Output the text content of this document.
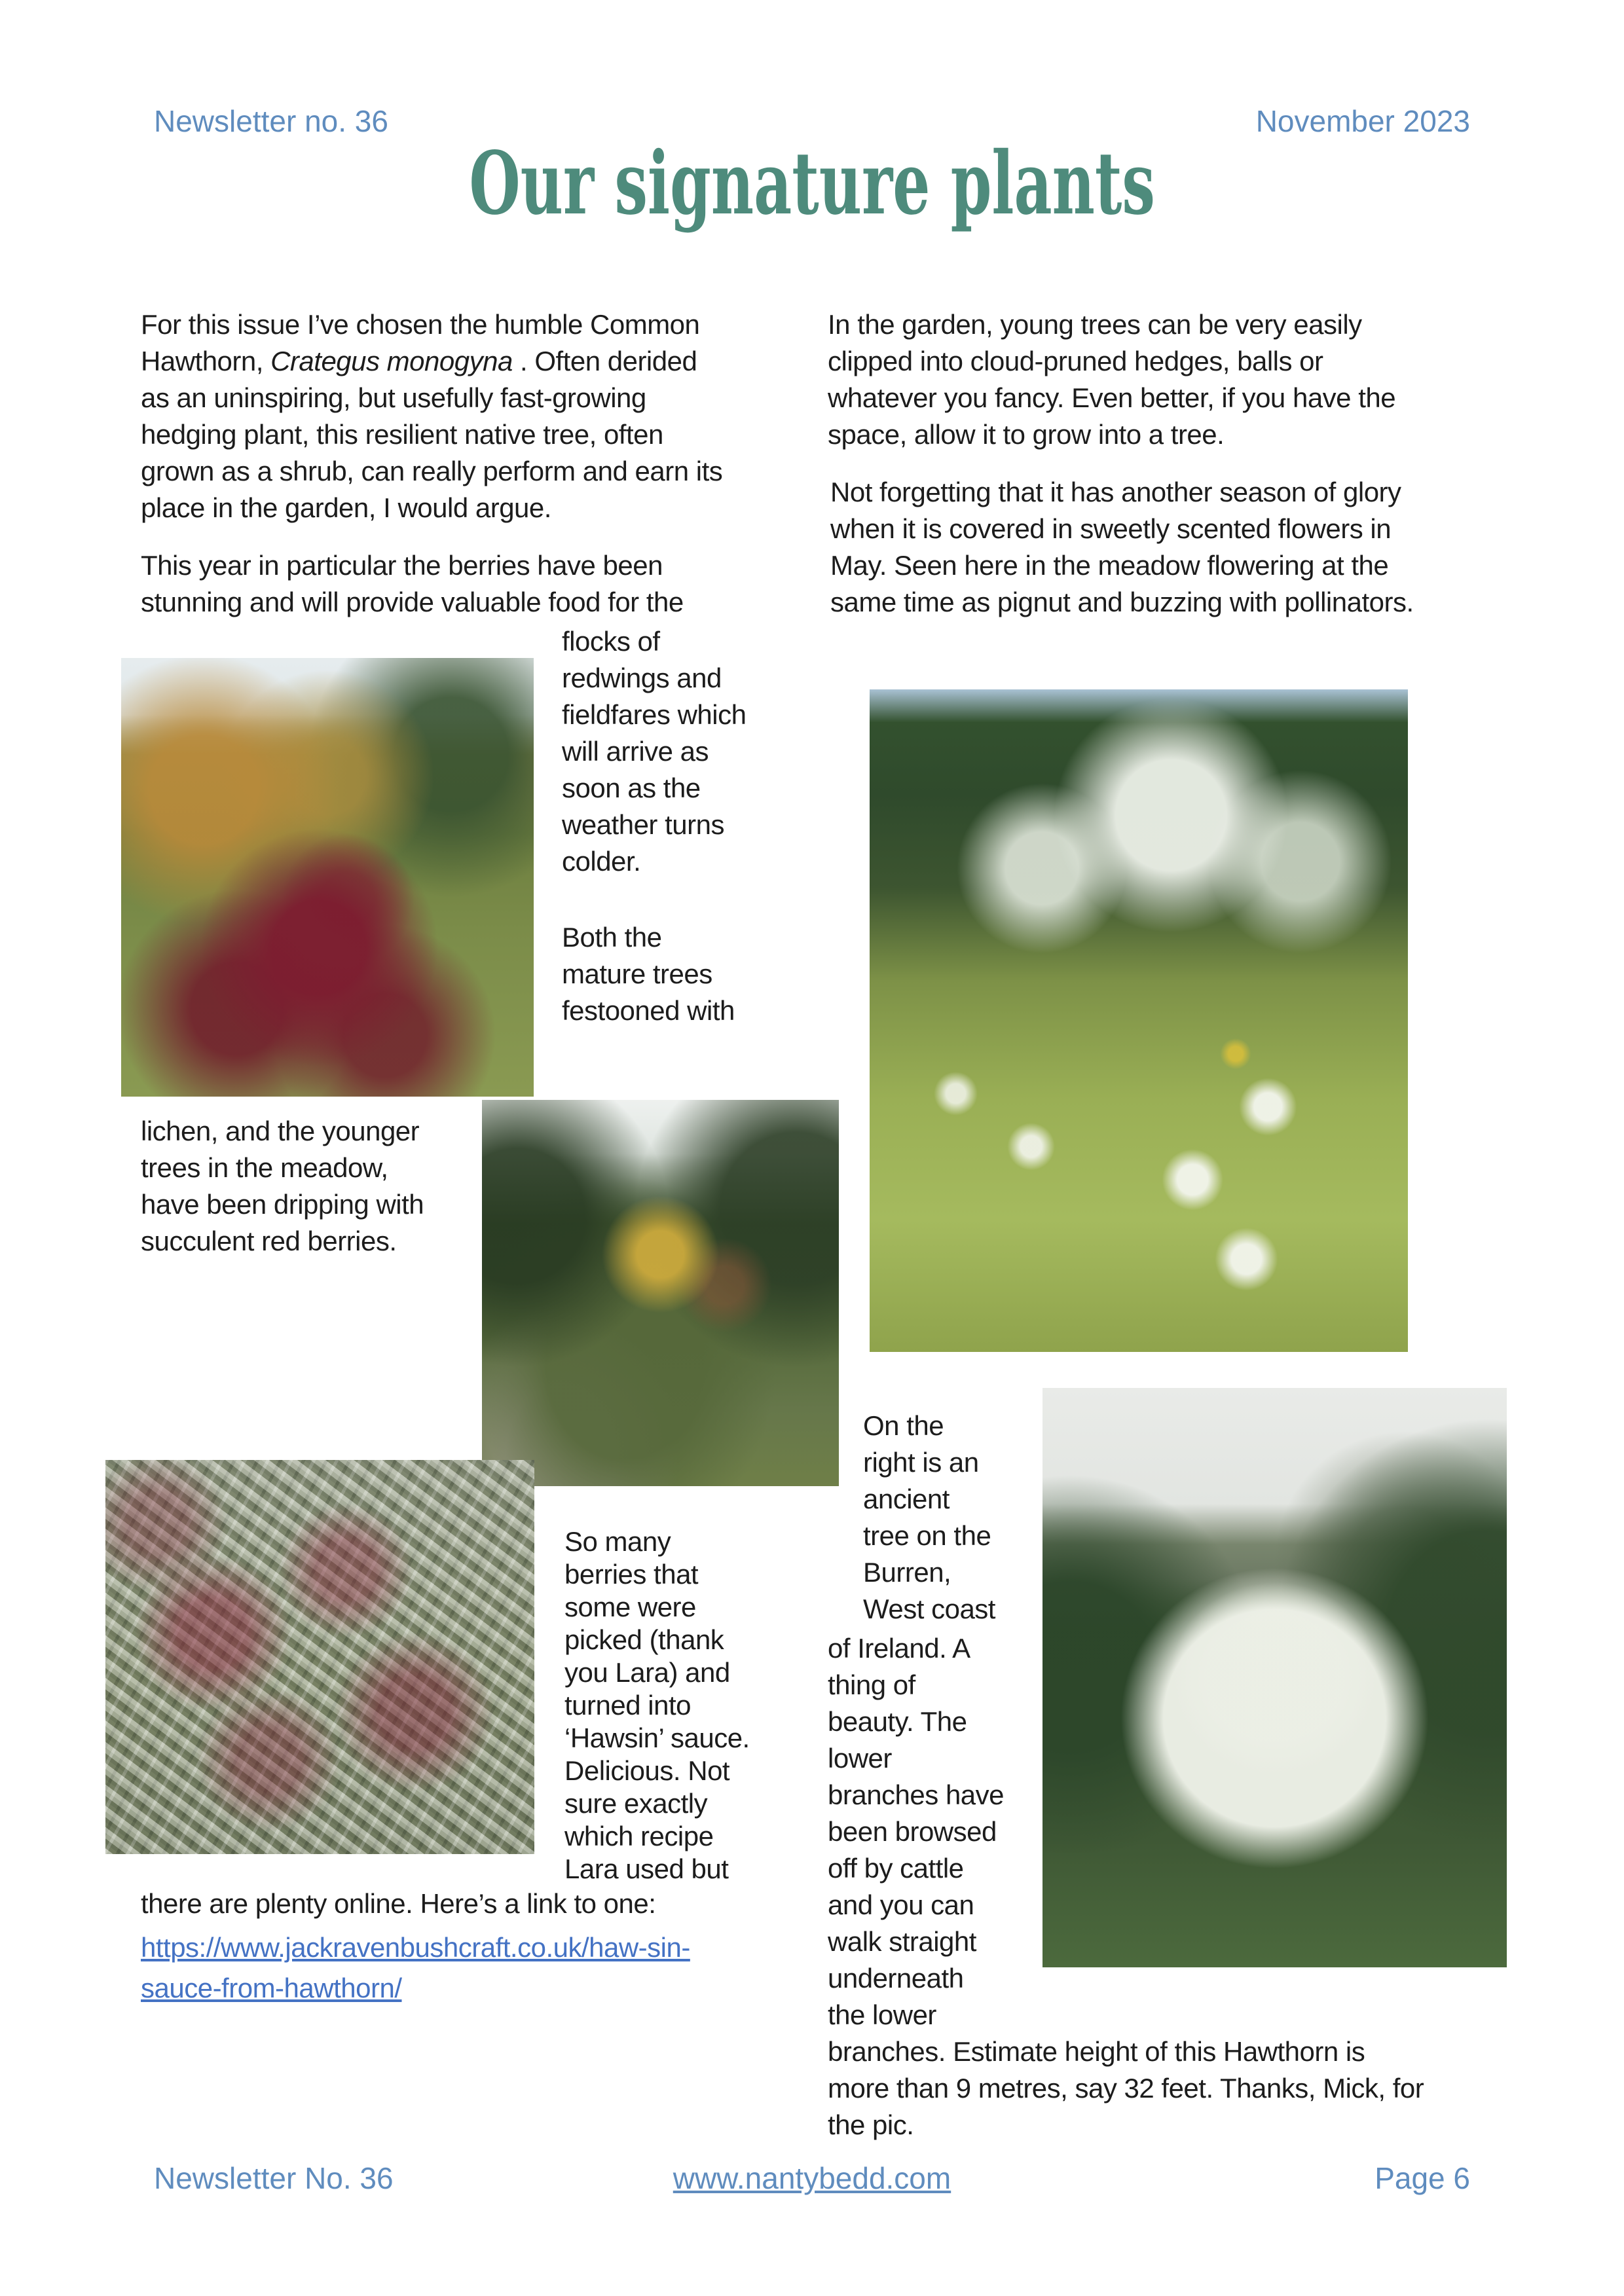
Newsletter no. 36	November 2023
Our signature plants
For this issue I’ve chosen the humble Common
Hawthorn, Crategus monogyna . Often derided
as an uninspiring, but usefully fast-growing
hedging plant, this resilient native tree, often
grown as a shrub, can really perform and earn its
place in the garden, I would argue.
This year in particular the berries have been
stunning and will provide valuable food for the
flocks of
redwings and
fieldfares which
will arrive as
soon as the
weather turns
colder.
Both the
mature trees
festooned with
lichen, and the younger
trees in the meadow,
have been dripping with
succulent red berries.
So many
berries that
some were
picked (thank
you Lara) and
turned into
‘Hawsin’ sauce.
Delicious. Not
sure exactly
which recipe
Lara used but
there are plenty online. Here’s a link to one:
https://www.jackravenbushcraft.co.uk/haw-sin-
sauce-from-hawthorn/
In the garden, young trees can be very easily
clipped into cloud-pruned hedges, balls or
whatever you fancy. Even better, if you have the
space, allow it to grow into a tree.
Not forgetting that it has another season of glory
when it is covered in sweetly scented flowers in
May. Seen here in the meadow flowering at the
same time as pignut and buzzing with pollinators.
On the
right is an
ancient
tree on the
Burren,
West coast
of Ireland. A
thing of
beauty. The
lower
branches have
been browsed
off by cattle
and you can
walk straight
underneath
the lower
branches. Estimate height of this Hawthorn is
more than 9 metres, say 32 feet. Thanks, Mick, for
the pic.
www.nantybedd.com
Newsletter No. 36	Page 6
